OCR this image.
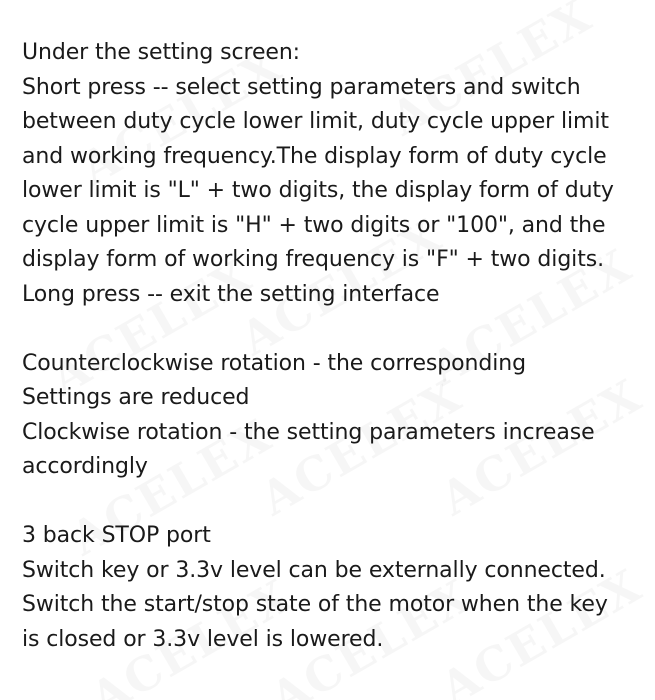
Under the setting screen:
Short press -- select setting parameters and switch
between duty cycle lower limit, duty cycle upper limit
and working frequency.The display form of duty cycle
lower limit is "L" + two digits, the display form of duty
cycle upper limit is "H" + two digits or "100", and the
display form of working frequency is "F" + two digits.
Long press -- exit the setting interface
Counterclockwise rotation - the corresponding
Settings are reduced
Clockwise rotation - the setting parameters increase
accordingly
3 back STOP port
Switch key or 3.3v level can be externally connected.
Switch the start/stop state of the motor when the key
is closed or 3.3v level is lowered.
